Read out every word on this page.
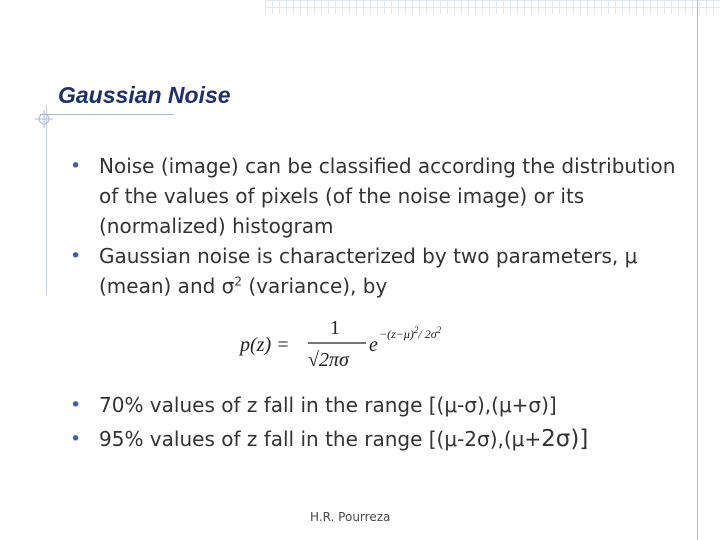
Gaussian Noise
• Noise (image) can be classified according the distribution of the values of pixels (of the noise image) or its (normalized) histogram
• Gaussian noise is characterized by two parameters, μ (mean) and $\sigma^2$ (variance), by
p(z) =
1
√2πσ
$e -(z-\mu)^2/$ $2\sigma^2$
• 70% values of z fall in the range [(μ-σ),(μ+σ)]
• 95% values of z fall in the range [(μ-2σ),(μ+2σ)]
H.R. Pourreza
